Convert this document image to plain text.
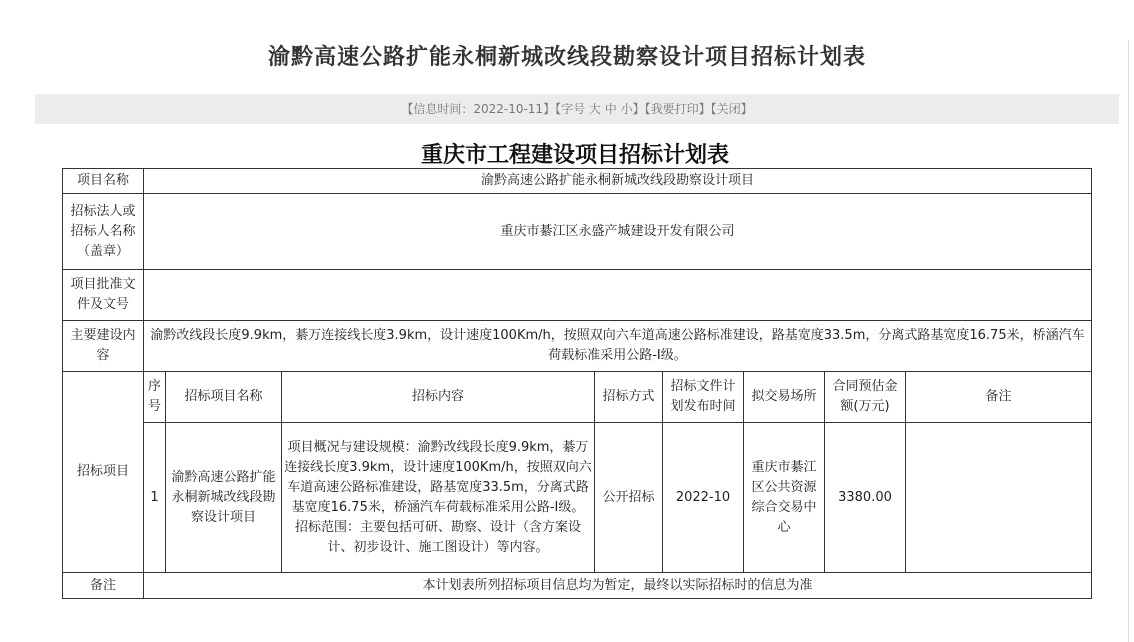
渝黔高速公路扩能永桐新城改线段勘察设计项目招标计划表
【信息时间：2022-10-11】【字号 大 中 小】【我要打印】【关闭】
重庆市工程建设项目招标计划表
项目名称	渝黔高速公路扩能永桐新城改线段勘察设计项目							
招标法人或招标人名称（盖章）	重庆市綦江区永盛产城建设开发有限公司							
项目批准文件及文号								
主要建设内容	渝黔改线段长度9.9km，綦万连接线长度3.9km，设计速度100Km/h，按照双向六车道高速公路标准建设，路基宽度33.5m，分离式路基宽度16.75米，桥涵汽车荷载标准采用公路-I级。							
招标项目	序号	招标项目名称	招标内容	招标方式	招标文件计划发布时间	拟交易场所	合同预估金额(万元)	备注
	1	渝黔高速公路扩能永桐新城改线段勘察设计项目	项目概况与建设规模：渝黔改线段长度9.9km，綦万连接线长度3.9km，设计速度100Km/h，按照双向六车道高速公路标准建设，路基宽度33.5m，分离式路基宽度16.75米，桥涵汽车荷载标准采用公路-I级。 招标范围：主要包括可研、勘察、设计（含方案设计、初步设计、施工图设计）等内容。	公开招标	2022-10	重庆市綦江区公共资源综合交易中心	3380.00	
备注	本计划表所列招标项目信息均为暂定，最终以实际招标时的信息为准							
